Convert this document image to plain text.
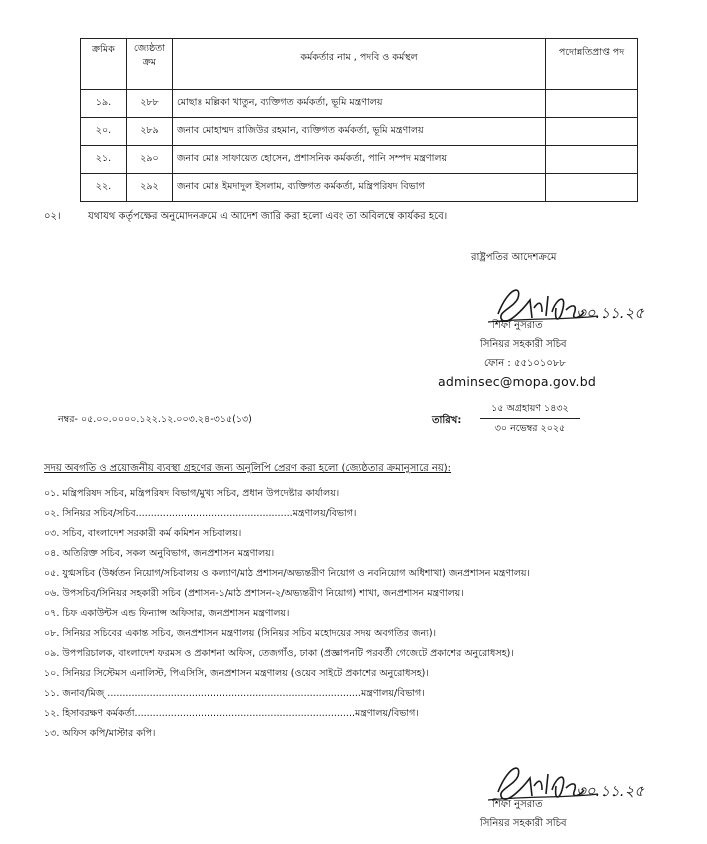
ক্রমিক	জ্যেষ্ঠতা ক্রম	কর্মকর্তার নাম , পদবি ও কর্মস্থল	পদোন্নতিপ্রাপ্ত পদ
১৯.	২৮৮	মোছাঃ মল্লিকা খাতুন, ব্যক্তিগত কর্মকর্তা, ভূমি মন্ত্রণালয়	
২০.	২৮৯	জনাব মোহাম্মদ রাজিউর রহমান, ব্যক্তিগত কর্মকর্তা, ভূমি মন্ত্রণালয়	
২১.	২৯০	জনাব মোঃ সাফায়েত হোসেন, প্রশাসনিক কর্মকর্তা, পানি সম্পদ মন্ত্রণালয়	
২২.	২৯২	জনাব মোঃ ইমদাদুল ইসলাম, ব্যক্তিগত কর্মকর্তা, মন্ত্রিপরিষদ বিভাগ	
০২।	যথাযথ কর্তৃপক্ষের অনুমোদনক্রমে এ আদেশ জারি করা হলো এবং তা অবিলম্বে কার্যকর হবে।
রাষ্ট্রপতির আদেশক্রমে
৩০.১১.২৫
শিফা নুসরাত
সিনিয়র সহকারী সচিব
ফোন : ৫৫১০১০৮৮
adminsec@mopa.gov.bd
নম্বর- ০৫.০০.০০০০.১২২.১২.০০৩.২৪-৩১৫(১৩)	তারিখ:
১৫ অগ্রহায়ণ ১৪৩২
৩০ নভেম্বর ২০২৫
সদয় অবগতি ও প্রয়োজনীয় ব্যবস্থা গ্রহণের জন্য অনুলিপি প্রেরণ করা হলো (জ্যেষ্ঠতার ক্রমানুসারে নয়):
০১. মন্ত্রিপরিষদ সচিব, মন্ত্রিপরিষদ বিভাগ/মুখ্য সচিব, প্রধান উপদেষ্টার কার্যালয়।
০২. সিনিয়র সচিব/সচিব....................................................মন্ত্রণালয়/বিভাগ।
০৩. সচিব, বাংলাদেশ সরকারী কর্ম কমিশন সচিবালয়।
০৪. অতিরিক্ত সচিব, সকল অনুবিভাগ, জনপ্রশাসন মন্ত্রণালয়।
০৫. যুগ্মসচিব (উর্ধ্বতন নিয়োগ/সচিবালয় ও কল্যাণ/মাঠ প্রশাসন/অভ্যন্তরীণ নিয়োগ ও নবনিয়োগ অধিশাখা) জনপ্রশাসন মন্ত্রণালয়।
০৬. উপসচিব/সিনিয়র সহকারী সচিব (প্রশাসন-১/মাঠ প্রশাসন-২/অভ্যন্তরীণ নিয়োগ) শাখা, জনপ্রশাসন মন্ত্রণালয়।
০৭. চিফ একাউন্টস এন্ড ফিন্যান্স অফিসার, জনপ্রশাসন মন্ত্রণালয়।
০৮. সিনিয়র সচিবের একান্ত সচিব, জনপ্রশাসন মন্ত্রণালয় (সিনিয়র সচিব মহোদয়ের সদয় অবগতির জন্য)।
০৯. উপপরিচালক, বাংলাদেশ ফরমস ও প্রকাশনা অফিস, তেজগাঁও, ঢাকা (প্রজ্ঞাপনটি পরবর্তী গেজেটে প্রকাশের অনুরোধসহ)।
১০. সিনিয়র সিস্টেমস এনালিস্ট, পিএসিসি, জনপ্রশাসন মন্ত্রণালয় (ওয়েব সাইটে প্রকাশের অনুরোধসহ)।
১১. জনাব/মিজ্ ....................................................................................মন্ত্রণালয়/বিভাগ।
১২. হিসাবরক্ষণ কর্মকর্তা.........................................................................মন্ত্রণালয়/বিভাগ।
১৩. অফিস কপি/মাস্টার কপি।
৩০.১১.২৫
শিফা নুসরাত
সিনিয়র সহকারী সচিব
